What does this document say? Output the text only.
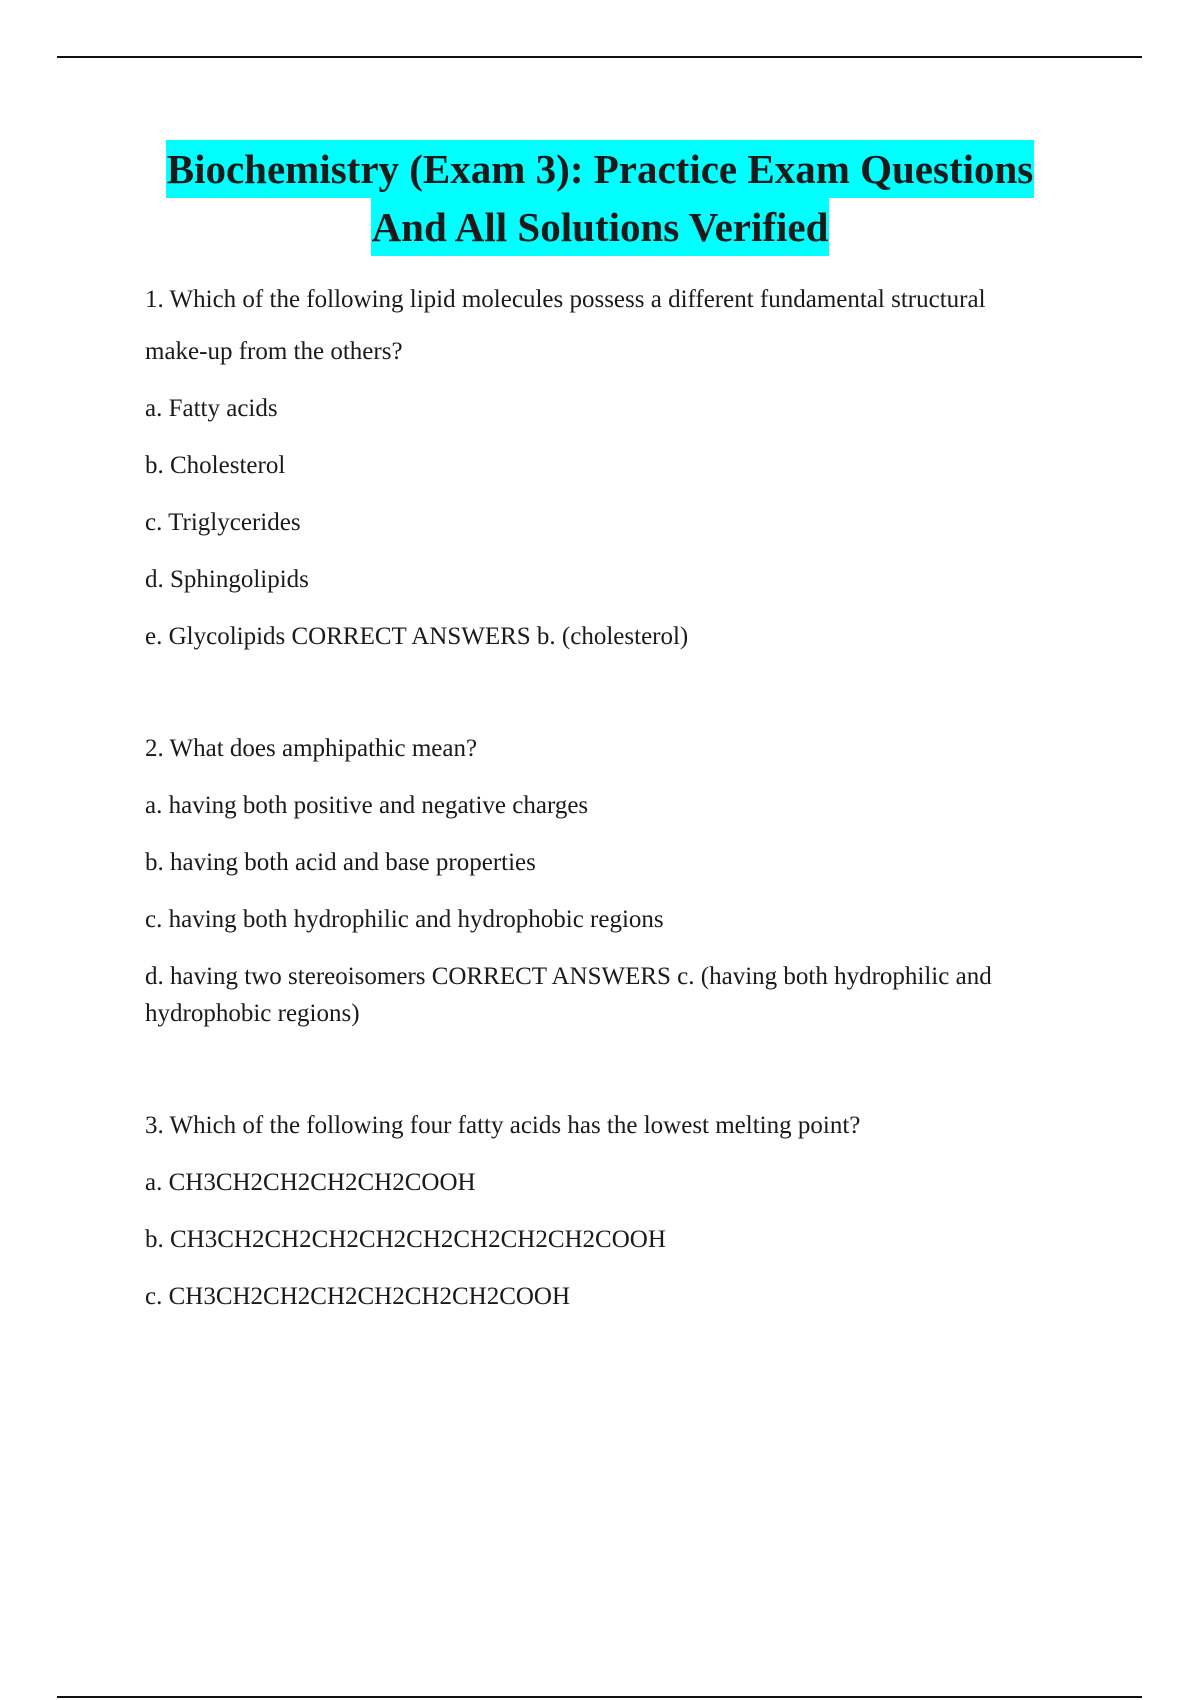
Biochemistry (Exam 3): Practice Exam Questions
And All Solutions Verified

1. Which of the following lipid molecules possess a different fundamental structural

make-up from the others?

a. Fatty acids

b. Cholesterol

c. Triglycerides

d. Sphingolipids

e. Glycolipids CORRECT ANSWERS b. (cholesterol)

2. What does amphipathic mean?

a. having both positive and negative charges

b. having both acid and base properties

c. having both hydrophilic and hydrophobic regions

d. having two stereoisomers CORRECT ANSWERS c. (having both hydrophilic and hydrophobic regions)

3. Which of the following four fatty acids has the lowest melting point?

a. CH3CH2CH2CH2CH2COOH

b. CH3CH2CH2CH2CH2CH2CH2CH2CH2COOH

c. CH3CH2CH2CH2CH2CH2CH2COOH
